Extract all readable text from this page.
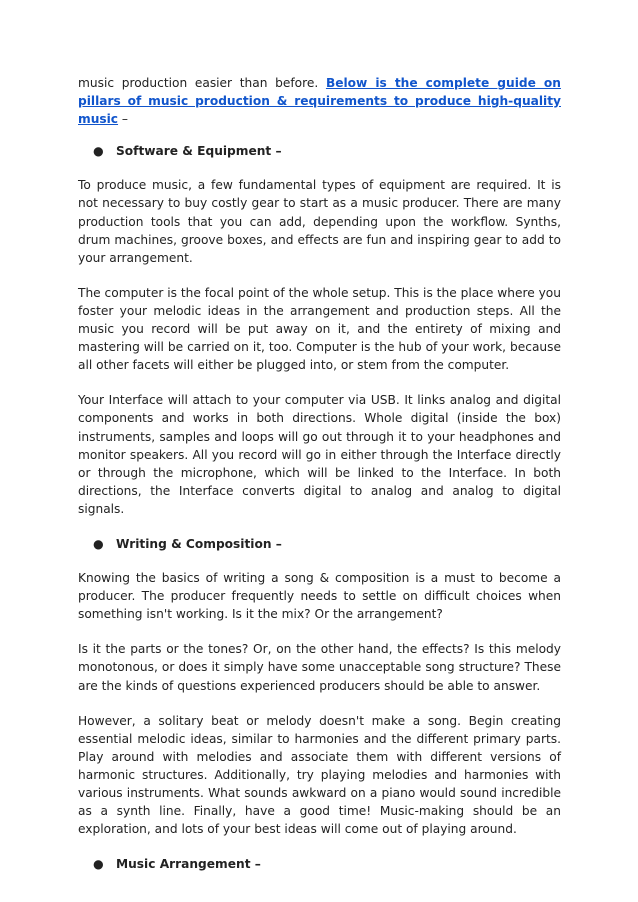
music production easier than before. Below is the complete guide on pillars of music production & requirements to produce high-quality music –

● Software & Equipment –

To produce music, a few fundamental types of equipment are required. It is not necessary to buy costly gear to start as a music producer. There are many production tools that you can add, depending upon the workflow. Synths, drum machines, groove boxes, and effects are fun and inspiring gear to add to your arrangement.

The computer is the focal point of the whole setup. This is the place where you foster your melodic ideas in the arrangement and production steps. All the music you record will be put away on it, and the entirety of mixing and mastering will be carried on it, too. Computer is the hub of your work, because all other facets will either be plugged into, or stem from the computer.

Your Interface will attach to your computer via USB. It links analog and digital components and works in both directions. Whole digital (inside the box) instruments, samples and loops will go out through it to your headphones and monitor speakers. All you record will go in either through the Interface directly or through the microphone, which will be linked to the Interface. In both directions, the Interface converts digital to analog and analog to digital signals.

● Writing & Composition –

Knowing the basics of writing a song & composition is a must to become a producer. The producer frequently needs to settle on difficult choices when something isn't working. Is it the mix? Or the arrangement?

Is it the parts or the tones? Or, on the other hand, the effects? Is this melody monotonous, or does it simply have some unacceptable song structure? These are the kinds of questions experienced producers should be able to answer.

However, a solitary beat or melody doesn't make a song. Begin creating essential melodic ideas, similar to harmonies and the different primary parts. Play around with melodies and associate them with different versions of harmonic structures. Additionally, try playing melodies and harmonies with various instruments. What sounds awkward on a piano would sound incredible as a synth line. Finally, have a good time! Music-making should be an exploration, and lots of your best ideas will come out of playing around.

● Music Arrangement –
